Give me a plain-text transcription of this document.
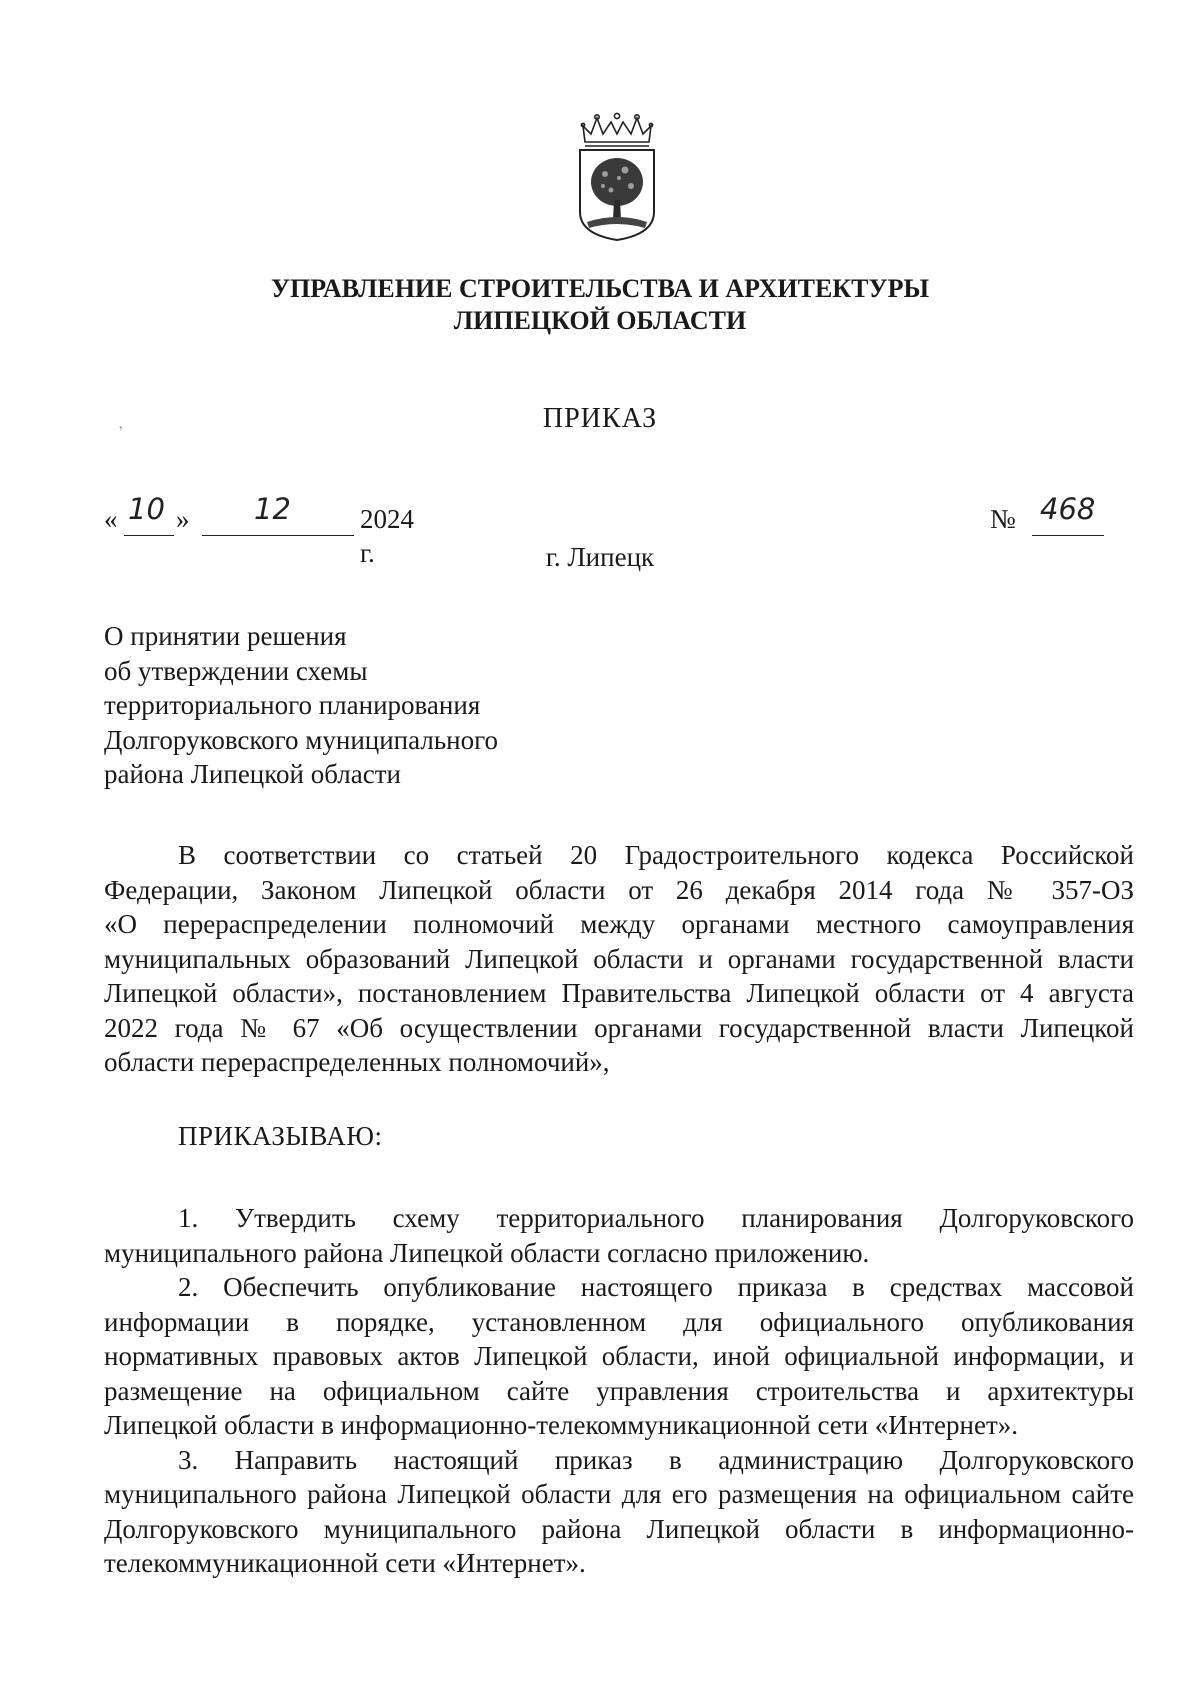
УПРАВЛЕНИЕ СТРОИТЕЛЬСТВА И АРХИТЕКТУРЫ
ЛИПЕЦКОЙ ОБЛАСТИ
,	ПРИКАЗ
« 10 » 12	2024 г.
№ 468
г. Липецк
О принятии решения
об утверждении схемы
территориального планирования
Долгоруковского муниципального
района Липецкой области
В соответствии со статьей 20 Градостроительного кодекса Российской
Федерации, Законом Липецкой области от 26 декабря 2014 года № 357-ОЗ
«О перераспределении полномочий между органами местного самоуправления
муниципальных образований Липецкой области и органами государственной власти
Липецкой области», постановлением Правительства Липецкой области от 4 августа
2022 года № 67 «Об осуществлении органами государственной власти Липецкой
области перераспределенных полномочий»,
ПРИКАЗЫВАЮ:
1. Утвердить схему территориального планирования Долгоруковского
муниципального района Липецкой области согласно приложению.
2. Обеспечить опубликование настоящего приказа в средствах массовой
информации в порядке, установленном для официального опубликования
нормативных правовых актов Липецкой области, иной официальной информации, и
размещение на официальном сайте управления строительства и архитектуры
Липецкой области в информационно-телекоммуникационной сети «Интернет».
3. Направить настоящий приказ в администрацию Долгоруковского
муниципального района Липецкой области для его размещения на официальном сайте
Долгоруковского муниципального района Липецкой области в информационно-
телекоммуникационной сети «Интернет».
